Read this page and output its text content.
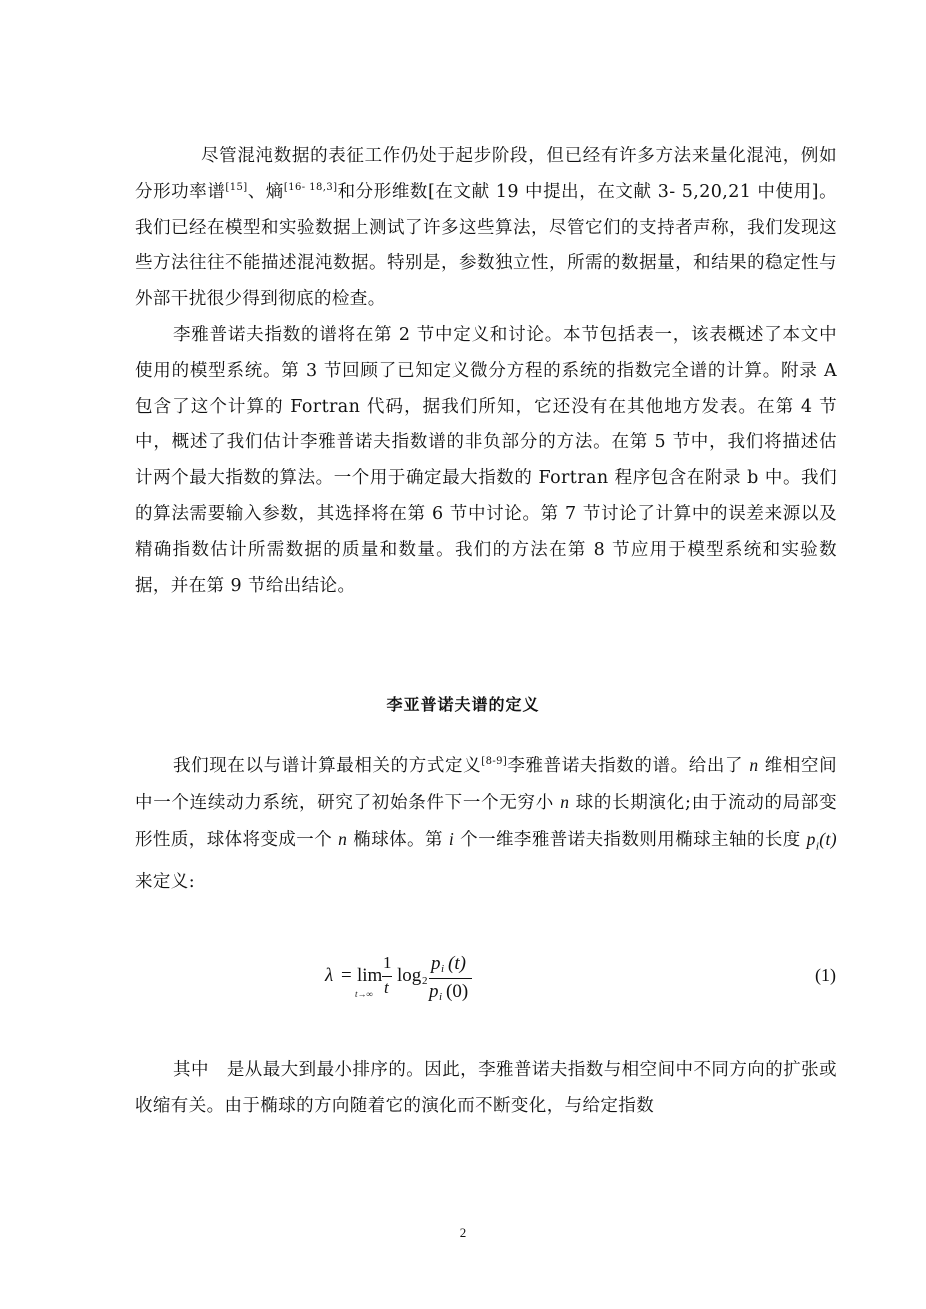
尽管混沌数据的表征工作仍处于起步阶段，但已经有许多方法来量化混沌，例如分形功率谱[15]、熵[16- 18,3]和分形维数[在文献 19 中提出，在文献 3- 5,20,21 中使用]。我们已经在模型和实验数据上测试了许多这些算法，尽管它们的支持者声称，我们发现这些方法往往不能描述混沌数据。特别是，参数独立性，所需的数据量，和结果的稳定性与外部干扰很少得到彻底的检查。

李雅普诺夫指数的谱将在第 2 节中定义和讨论。本节包括表一，该表概述了本文中使用的模型系统。第 3 节回顾了已知定义微分方程的系统的指数完全谱的计算。附录 A 包含了这个计算的 Fortran 代码，据我们所知，它还没有在其他地方发表。在第 4 节中，概述了我们估计李雅普诺夫指数谱的非负部分的方法。在第 5 节中，我们将描述估计两个最大指数的算法。一个用于确定最大指数的 Fortran 程序包含在附录 b 中。我们的算法需要输入参数，其选择将在第 6 节中讨论。第 7 节讨论了计算中的误差来源以及精确指数估计所需数据的质量和数量。我们的方法在第 8 节应用于模型系统和实验数据，并在第 9 节给出结论。

李亚普诺夫谱的定义

我们现在以与谱计算最相关的方式定义[8-9]李雅普诺夫指数的谱。给出了 n 维相空间中一个连续动力系统，研究了初始条件下一个无穷小 n 球的长期演化;由于流动的局部变形性质，球体将变成一个 n 椭球体。第 i 个一维李雅普诺夫指数则用椭球主轴的长度 $p_i(t)$来定义:

λ = lim
t→∞
1
t
log 2
p i (t)
p i (0)
(1)

其中　是从最大到最小排序的。因此，李雅普诺夫指数与相空间中不同方向的扩张或收缩有关。由于椭球的方向随着它的演化而不断变化，与给定指数

2
